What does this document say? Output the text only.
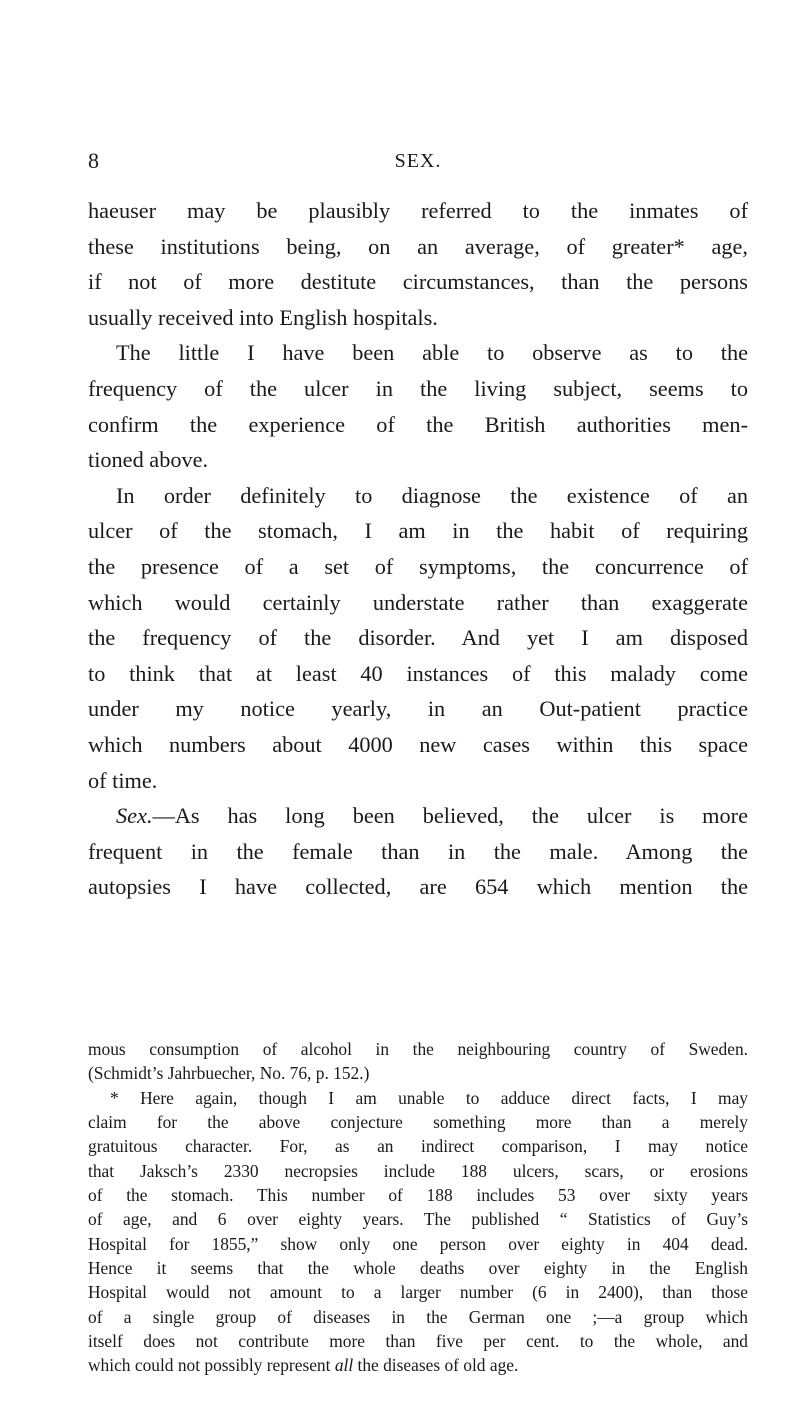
8	SEX.
haeuser may be plausibly referred to the inmates of
these institutions being, on an average, of greater* age,
if not of more destitute circumstances, than the persons
usually received into English hospitals.
The little I have been able to observe as to the
frequency of the ulcer in the living subject, seems to
confirm the experience of the British authorities men-
tioned above.
In order definitely to diagnose the existence of an
ulcer of the stomach, I am in the habit of requiring
the presence of a set of symptoms, the concurrence of
which would certainly understate rather than exaggerate
the frequency of the disorder. And yet I am disposed
to think that at least 40 instances of this malady come
under my notice yearly, in an Out-patient practice
which numbers about 4000 new cases within this space
of time.
Sex.—As has long been believed, the ulcer is more
frequent in the female than in the male. Among the
autopsies I have collected, are 654 which mention the
mous consumption of alcohol in the neighbouring country of Sweden.
(Schmidt’s Jahrbuecher, No. 76, p. 152.)
* Here again, though I am unable to adduce direct facts, I may
claim for the above conjecture something more than a merely
gratuitous character. For, as an indirect comparison, I may notice
that Jaksch’s 2330 necropsies include 188 ulcers, scars, or erosions
of the stomach. This number of 188 includes 53 over sixty years
of age, and 6 over eighty years. The published “ Statistics of Guy’s
Hospital for 1855,” show only one person over eighty in 404 dead.
Hence it seems that the whole deaths over eighty in the English
Hospital would not amount to a larger number (6 in 2400), than those
of a single group of diseases in the German one ;—a group which
itself does not contribute more than five per cent. to the whole, and
which could not possibly represent all the diseases of old age.
